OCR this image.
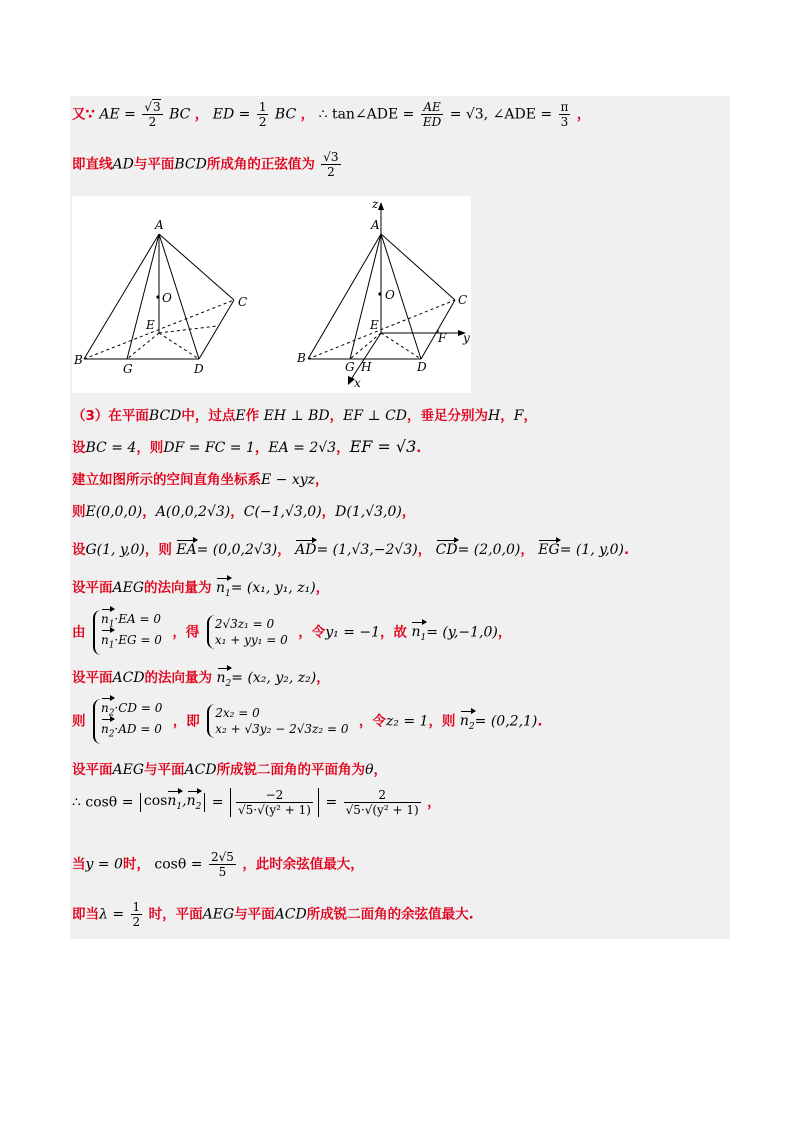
又∵ AE = $\frac{√3}{2}$ BC ， ED = $\frac{1}{2}$ BC ， ∴ tan∠ADE = $\frac{AE}{ED} = √3$, ∠ADE = $\frac{\pi}{3}$ ，
即直线AD与平面BCD所成角的正弦值为 $\frac{√3}{2}$
A
O	C
E
B
G	D
z
A
O	C
E
F y
B
G H	D
x
（3）在平面BCD中，过点E作 EH ⊥ BD，EF ⊥ CD，垂足分别为H，F，
设BC = 4，则DF = FC = 1，EA = 2√3，EF = √3.
建立如图所示的空间直角坐标系E − xyz，
则E(0,0,0)，A(0,0,2√3)，C(−1,√3,0)，D(1,√3,0)，
设G(1, y,0)，则 EA= (0,0,2√3)， AD= (1,√3,−2√3)， CD= (2,0,0)， EG= (1, y,0).
设平面AEG的法向量为 $n_1= (x_1$, y₁, z₁)，
由
$n_1\cdot EA = 0$
$n_1\cdot EG = 0$ ，得 2√3z₁ = 0
x₁ + yy₁ = 0 ，令y₁ = −1，故 $n_1= (y,-1,0)$，
设平面ACD的法向量为 $n_2= (x_2$, y₂, z₂)，
则
$n_2\cdot CD = 0$
$n_2\cdot AD = 0$ ，即 2x₂ = 0
x₂ + √3y₂ − 2√3z₂ = 0 ，令z₂ = 1，则 $n_2= (0,2,1)$.
设平面AEG与平面ACD所成锐二面角的平面角为θ，
∴ $\cos\theta = \cos n_1,n_2 = \frac{-2}{\text{√5·√(y² + 1)}} = \frac{2}{\text{√5·√(y² + 1)}}$ ，
当y = 0时， $\cos\theta = \frac{2√5}{5}$ ，此时余弦值最大，
即当$\lambda = \frac{1}{2}$ 时，平面AEG与平面ACD所成锐二面角的余弦值最大.
